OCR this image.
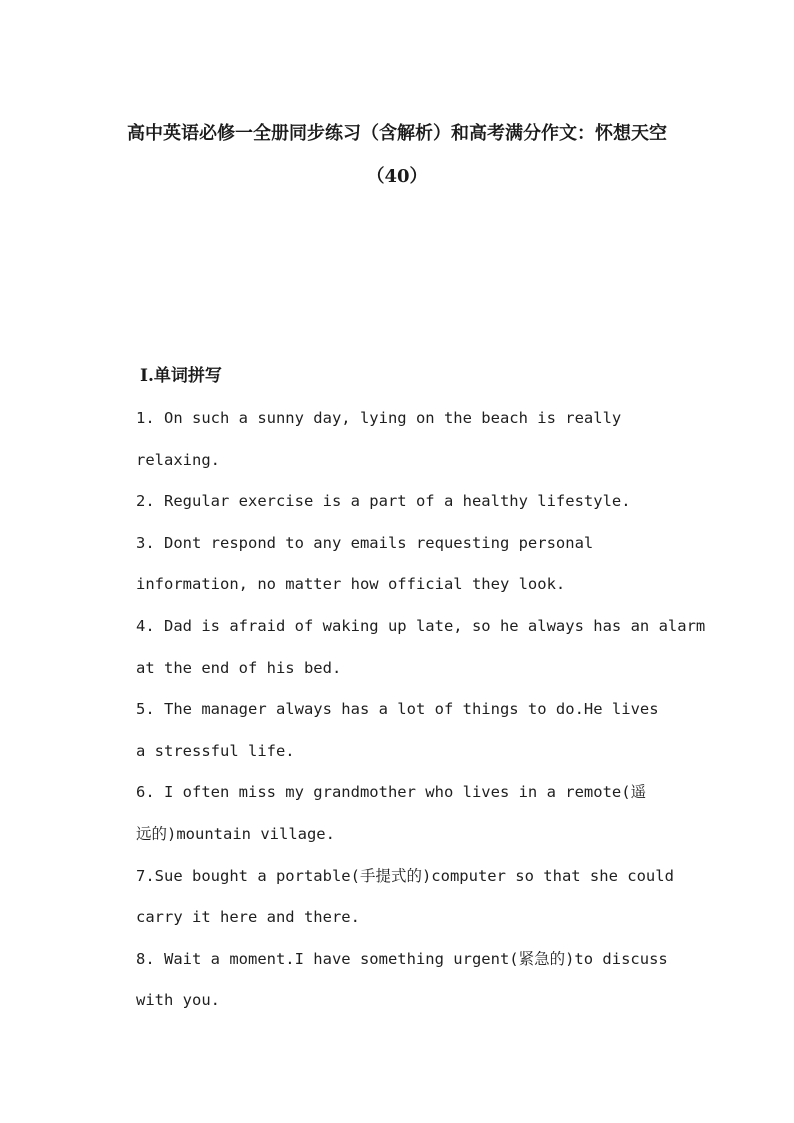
高中英语必修一全册同步练习（含解析）和高考满分作文：怀想天空
（40）
Ⅰ.单词拼写
1. On such a sunny day, lying on the beach is really
relaxing.
2. Regular exercise is a part of a healthy lifestyle.
3. Dont respond to any emails requesting personal
information, no matter how official they look.
4. Dad is afraid of waking up late, so he always has an alarm
at the end of his bed.
5. The manager always has a lot of things to do.He lives
a stressful life.
6. I often miss my grandmother who lives in a remote(遥
远的)mountain village.
7.Sue bought a portable(手提式的)computer so that she could
carry it here and there.
8. Wait a moment.I have something urgent(紧急的)to discuss
with you.
